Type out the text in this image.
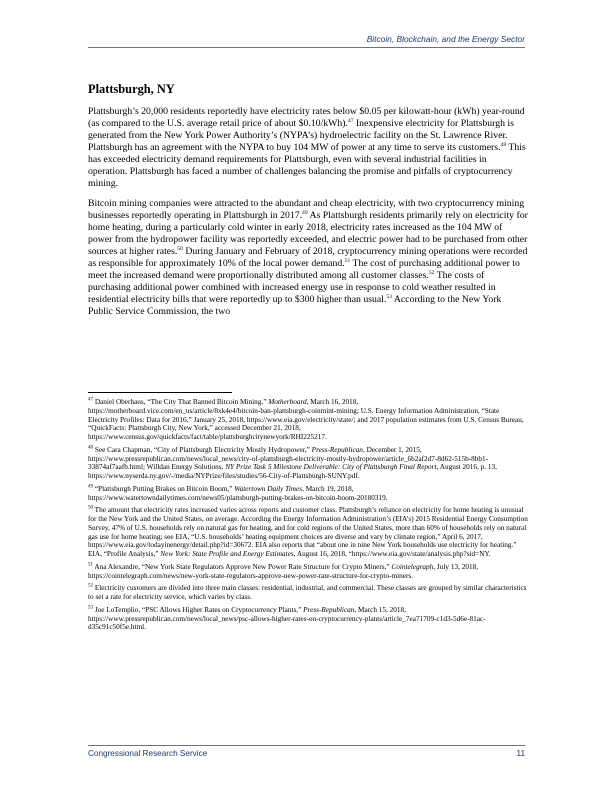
Bitcoin, Blockchain, and the Energy Sector
Plattsburgh, NY

Plattsburgh’s 20,000 residents reportedly have electricity rates below $0.05 per kilowatt-hour (kWh) year-round (as compared to the U.S. average retail price of about $0.10/kWh).$^{47}$ Inexpensive electricity for Plattsburgh is generated from the New York Power Authority’s (NYPA’s) hydroelectric facility on the St. Lawrence River. Plattsburgh has an agreement with the NYPA to buy 104 MW of power at any time to serve its customers.$^{48}$ This has exceeded electricity demand requirements for Plattsburgh, even with several industrial facilities in operation. Plattsburgh has faced a number of challenges balancing the promise and pitfalls of cryptocurrency mining.

Bitcoin mining companies were attracted to the abundant and cheap electricity, with two cryptocurrency mining businesses reportedly operating in Plattsburgh in 2017.49 As Plattsburgh residents primarily rely on electricity for home heating, during a particularly cold winter in early 2018, electricity rates increased as the 104 MW of power from the hydropower facility was reportedly exceeded, and electric power had to be purchased from other sources at higher rates.$^{50}$ During January and February of 2018, cryptocurrency mining operations were recorded as responsible for approximately 10% of the local power demand.$^{51}$ The cost of purchasing additional power to meet the increased demand were proportionally distributed among all customer classes.$^{52}$ The costs of purchasing additional power combined with increased energy use in response to cold weather resulted in residential electricity bills that were reportedly up to $300 higher than usual.$^{53}$ According to the New York Public Service Commission, the two

$^{47}$ Daniel Oberhaus, “The City That Banned Bitcoin Mining,” Motherboard, March 16, 2018, https://motherboard.vice.com/en_us/article/8xk4e4/bitcoin-ban-plattsburgh-coinmint-mining; U.S. Energy Information Administration, “State Electricity Profiles: Data for 2016,” January 25, 2018, https://www.eia.gov/electricity/state/; and 2017 population estimates from U.S. Census Bureau, “QuickFacts: Plattsburgh City, New York,” accessed December 21, 2018, https://www.census.gov/quickfacts/fact/table/plattsburghcitynewyork/RHI225217.
$^{48}$ See Cara Chapman, “City of Plattsburgh Electricity Mostly Hydropower,” Press-Republican, December 1, 2015, https://www.pressrepublican.com/news/local_news/city-of-plattsburgh-electricity-mostly-hydropower/article_6b2af2d7-8d62-515b-8bb1-33874af7aafb.html; Willdan Energy Solutions, NY Prize Task 5 Milestone Deliverable: City of Plattsburgh Final Report, August 2016, p. 13, https://www.nyserda.ny.gov/-/media/NYPrize/files/studies/56-City-of-Plattsburgh-SUNY.pdf.
$^{49}$ “Plattsburgh Putting Brakes on Bitcoin Boom,” Watertown Daily Times, March 19, 2018, https://www.watertowndailytimes.com/news05/plattsburgh-putting-brakes-on-bitcoin-boom-20180319.
$^{50}$ The amount that electricity rates increased varies across reports and customer class. Plattsburgh’s reliance on electricity for home heating is unusual for the New York and the United States, on average. According the Energy Information Administration’s (EIA’s) 2015 Residential Energy Consumption Survey, 47% of U.S. households rely on natural gas for heating, and for cold regions of the United States, more than 60% of households rely on natural gas use for home heating; see EIA, “U.S. households’ heating equipment choices are diverse and vary by climate region,” April 6, 2017, https://www.eia.gov/todayinenergy/detail.php?id=30672. EIA also reports that “about one in nine New York households use electricity for heating.” EIA, “Profile Analysis,” New York: State Profile and Energy Estimates, August 16, 2018, “https://www.eia.gov/state/analysis.php?sid=NY.
$^{51}$ Ana Alexandre, “New York State Regulators Approve New Power Rate Structure for Crypto Miners,” Cointelegraph, July 13, 2018, https://cointelegraph.com/news/new-york-state-regulators-approve-new-power-rate-structure-for-crypto-miners.
$^{52}$ Electricity customers are divided into three main classes: residential, industrial, and commercial. These classes are grouped by similar characteristics to set a rate for electricity service, which varies by class.
$^{53}$ Joe LoTemplio, “PSC Allows Higher Rates on Cryptocurrency Plants,” Press-Republican, March 15, 2018, https://www.pressrepublican.com/news/local_news/psc-allows-higher-rates-on-cryptocurrency-plants/article_7ea71709-c1d3-5d6e-81ac-d35c91c50f5e.html.
Congressional Research Service	11
